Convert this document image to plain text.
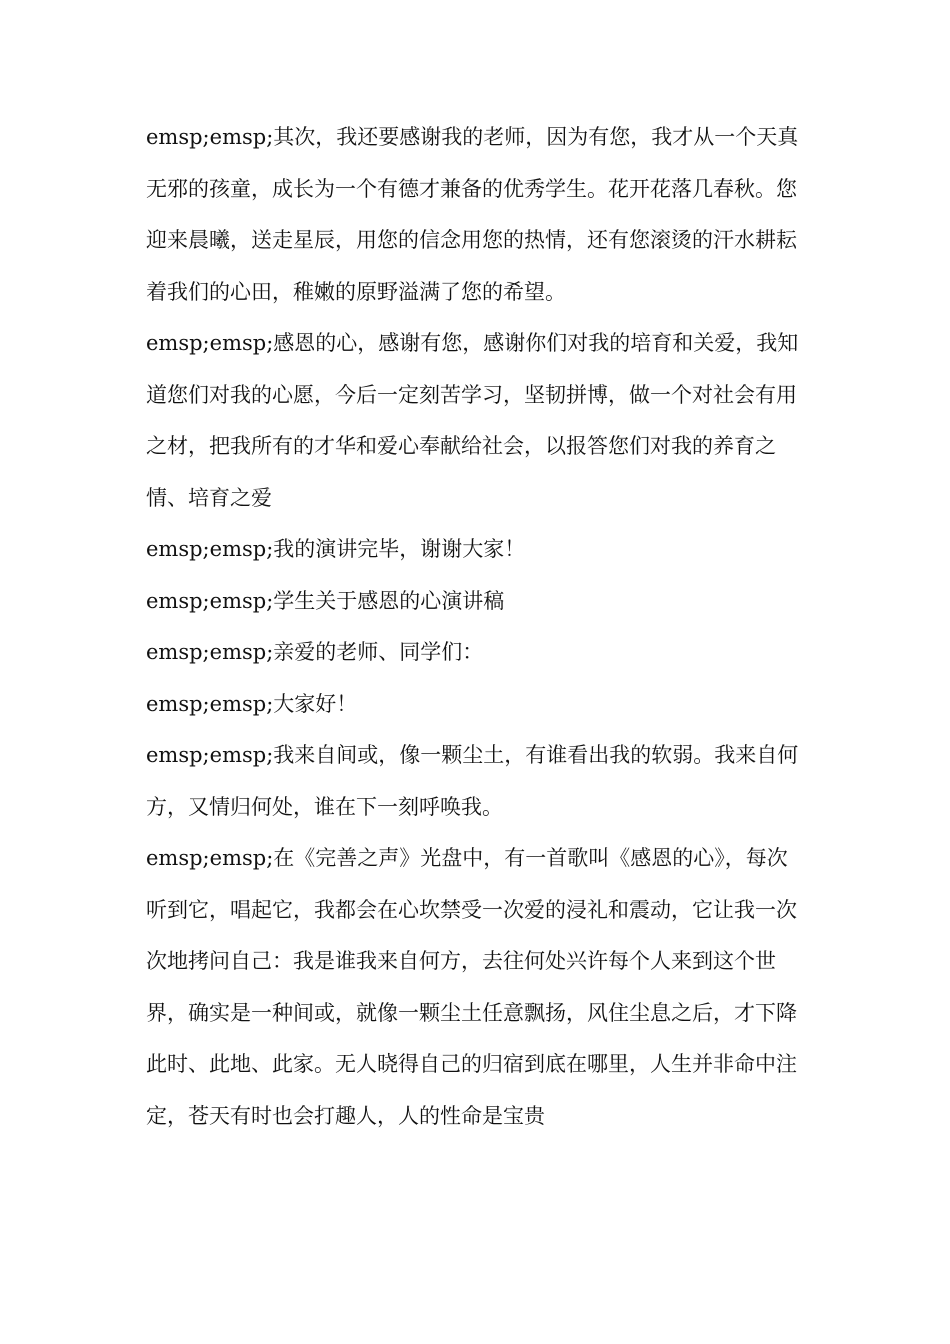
emsp;emsp;其次，我还要感谢我的老师，因为有您，我才从一个天真无邪的孩童，成长为一个有德才兼备的优秀学生。花开花落几春秋。您迎来晨曦，送走星辰，用您的信念用您的热情，还有您滚烫的汗水耕耘着我们的心田，稚嫩的原野溢满了您的希望。

emsp;emsp;感恩的心，感谢有您，感谢你们对我的培育和关爱，我知道您们对我的心愿，今后一定刻苦学习，坚韧拼博，做一个对社会有用之材，把我所有的才华和爱心奉献给社会，以报答您们对我的养育之情、培育之爱

emsp;emsp;我的演讲完毕，谢谢大家！

emsp;emsp;学生关于感恩的心演讲稿

emsp;emsp;亲爱的老师、同学们：

emsp;emsp;大家好！

emsp;emsp;我来自间或，像一颗尘土，有谁看出我的软弱。我来自何方，又情归何处，谁在下一刻呼唤我。

emsp;emsp;在《完善之声》光盘中，有一首歌叫《感恩的心》，每次听到它，唱起它，我都会在心坎禁受一次爱的浸礼和震动，它让我一次次地拷问自己：我是谁我来自何方，去往何处兴许每个人来到这个世界，确实是一种间或，就像一颗尘土任意飘扬，风住尘息之后，才下降此时、此地、此家。无人晓得自己的归宿到底在哪里，人生并非命中注定，苍天有时也会打趣人，人的性命是宝贵
